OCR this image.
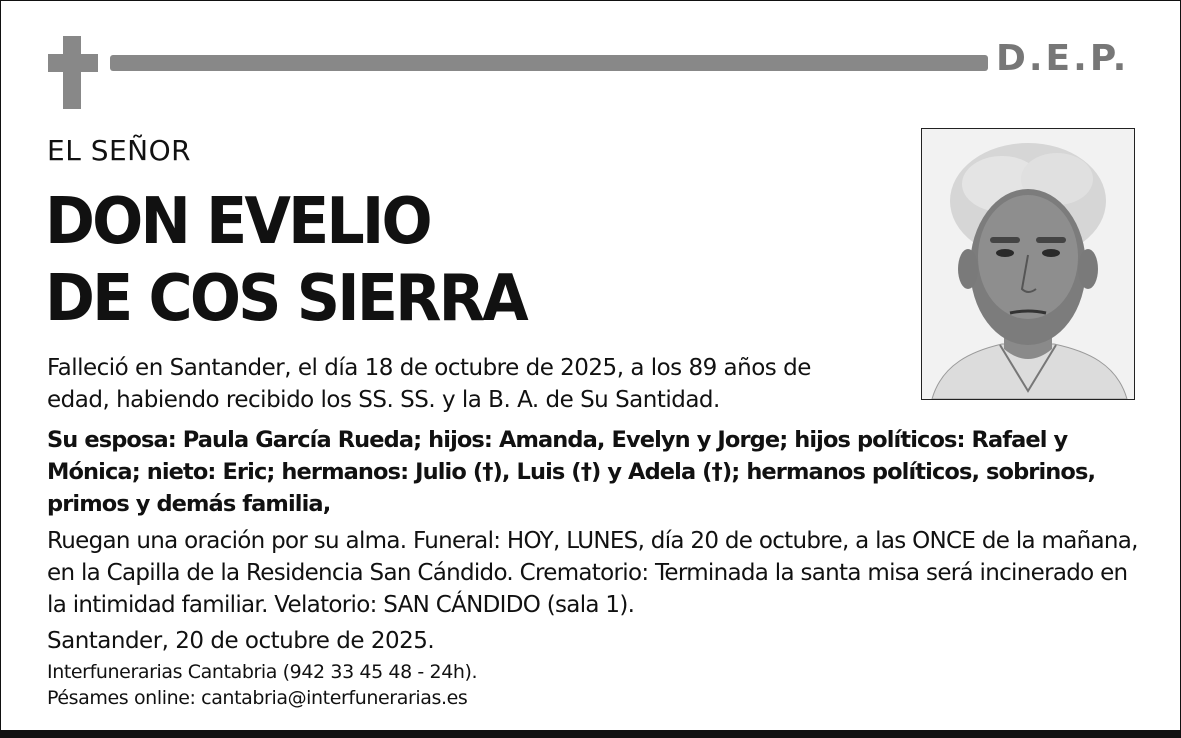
D.E.P.
EL SEÑOR
DON EVELIO
DE COS SIERRA
Falleció en Santander, el día 18 de octubre de 2025, a los 89 años de edad, habiendo recibido los SS. SS. y la B. A. de Su Santidad.
Su esposa: Paula García Rueda; hijos: Amanda, Evelyn y Jorge; hijos políticos: Rafael y Mónica; nieto: Eric; hermanos: Julio (†), Luis (†) y Adela (†); hermanos políticos, sobrinos, primos y demás familia,
Ruegan una oración por su alma. Funeral: HOY, LUNES, día 20 de octubre, a las ONCE de la mañana, en la Capilla de la Residencia San Cándido. Crematorio: Terminada la santa misa será incinerado en la intimidad familiar. Velatorio: SAN CÁNDIDO (sala 1).
Santander, 20 de octubre de 2025.
Interfunerarias Cantabria (942 33 45 48 - 24h).
Pésames online: cantabria@interfunerarias.es
